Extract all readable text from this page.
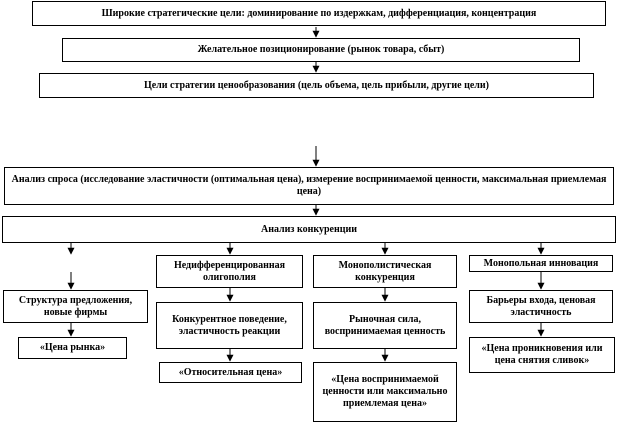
Широкие стратегические цели: доминирование по издержкам, дифференциация, концентрация
Желательное позиционирование (рынок товара, сбыт)
Цели стратегии ценообразования (цель объема, цель прибыли, другие цели)
Анализ спроса (исследование эластичности (оптимальная цена), измерение воспринимаемой ценности, максимальная приемлемая цена)
Анализ конкуренции
Структура предложения, новые фирмы
«Цена рынка»
Недифференцированная олигополия
Конкурентное поведение, эластичность реакции
«Относительная цена»
Монополистическая конкуренция
Рыночная сила, воспринимаемая ценность
«Цена воспринимаемой ценности или максимально приемлемая цена»
Монопольная инновация
Барьеры входа, ценовая эластичность
«Цена проникновения или цена снятия сливок»
